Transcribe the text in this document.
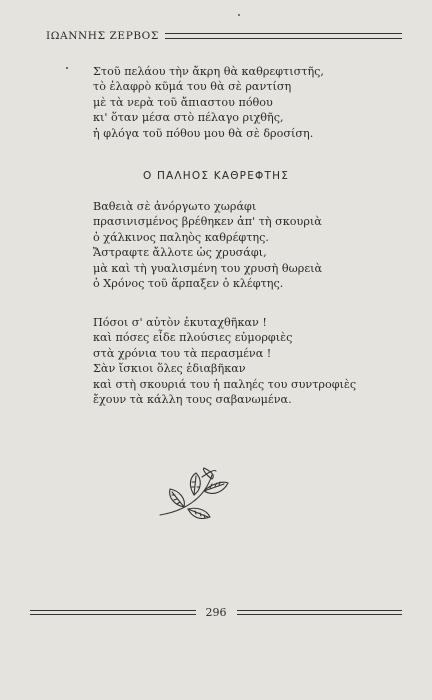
ΙΩΑΝΝΗΣ ΖΕΡΒΟΣ
Στοῦ πελάου τὴν ἄκρη θὰ καθρεφτιστῆς,
τὸ ἐλαφρὸ κῦμά του θὰ σὲ ραντίση
μὲ τὰ νερὰ τοῦ ἄπιαστου πόθου
κι' ὅταν μέσα στὸ πέλαγο ριχθῆς,
ἡ φλόγα τοῦ πόθου μου θὰ σὲ δροσίση.
Ο ΠΑΛΗΟΣ ΚΑΘΡΕΦΤΗΣ
Βαθειὰ σὲ ἀνόργωτο χωράφι
πρασινισμένος βρέθηκεν ἀπ' τὴ σκουριὰ
ὁ χάλκινος παληὸς καθρέφτης.
Ἄστραφτε ἄλλοτε ὡς χρυσάφι,
μὰ καὶ τὴ γυαλισμένη του χρυσὴ θωρειὰ
ὁ Χρόνος τοῦ ἅρπαξεν ὁ κλέφτης.
Πόσοι σ' αὐτὸν ἐκυταχθῆκαν !
καὶ πόσες εἶδε πλούσιες εὐμορφιὲς
στὰ χρόνια του τὰ περασμένα !
Σὰν ἴσκιοι ὅλες ἐδιαβῆκαν
καὶ στὴ σκουριά του ἡ παληές του συντροφιὲς
ἔχουν τὰ κάλλη τους σαβανωμένα.
296
